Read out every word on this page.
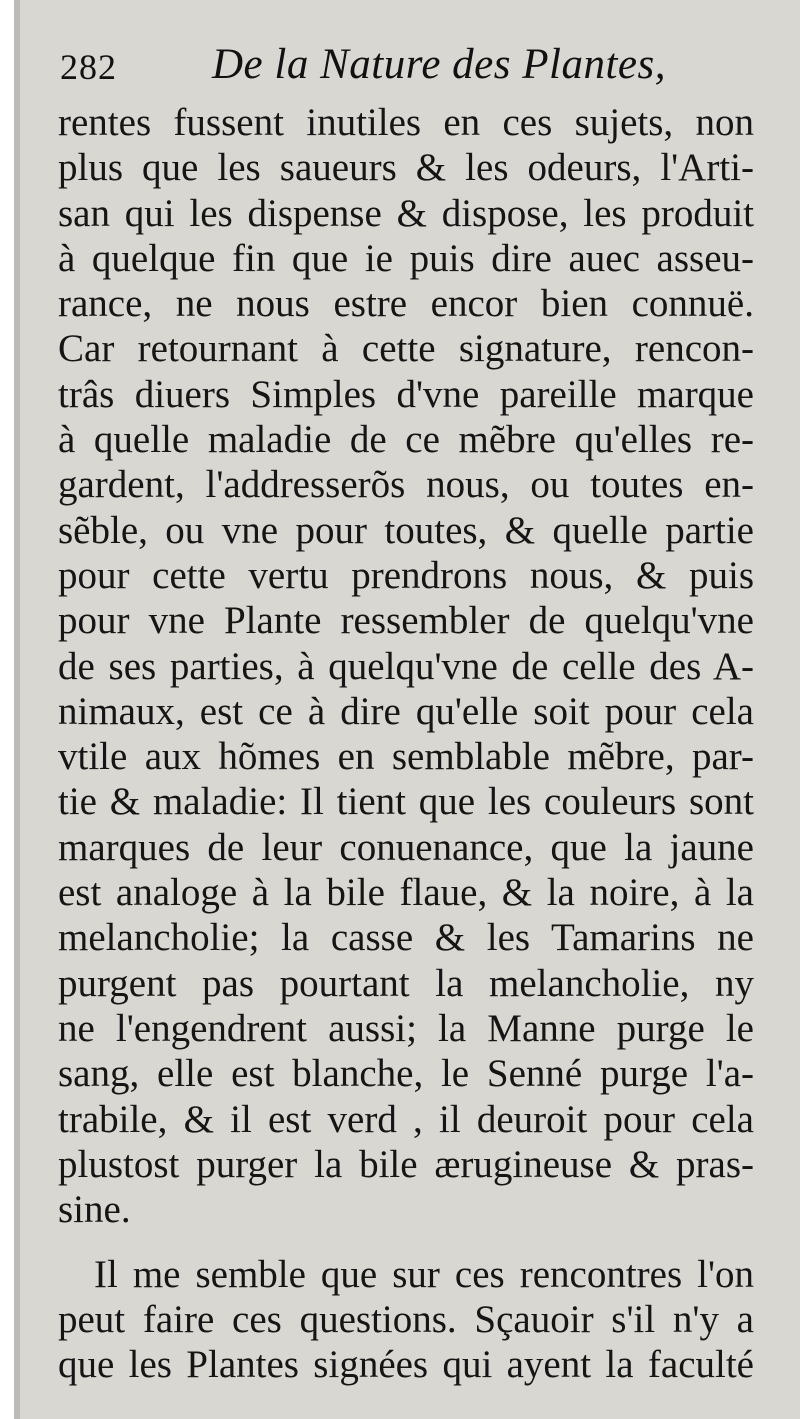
282 De la Nature des Plantes,
rentes fussent inutiles en ces sujets, non
plus que les saueurs & les odeurs, l'Arti-
san qui les dispense & dispose, les produit
à quelque fin que ie puis dire auec asseu-
rance, ne nous estre encor bien connuë.
Car retournant à cette signature, rencon-
trâs diuers Simples d'vne pareille marque
à quelle maladie de ce mẽbre qu'elles re-
gardent, l'addresserõs nous, ou toutes en-
sẽble, ou vne pour toutes, & quelle partie
pour cette vertu prendrons nous, & puis
pour vne Plante ressembler de quelqu'vne
de ses parties, à quelqu'vne de celle des A-
nimaux, est ce à dire qu'elle soit pour cela
vtile aux hõmes en semblable mẽbre, par-
tie & maladie: Il tient que les couleurs sont
marques de leur conuenance, que la jaune
est analoge à la bile flaue, & la noire, à la
melancholie; la casse & les Tamarins ne
purgent pas pourtant la melancholie, ny
ne l'engendrent aussi; la Manne purge le
sang, elle est blanche, le Senné purge l'a-
trabile, & il est verd , il deuroit pour cela
plustost purger la bile ærugineuse & pras-
sine.
Il me semble que sur ces rencontres l'on
peut faire ces questions. Sçauoir s'il n'y a
que les Plantes signées qui ayent la faculté
